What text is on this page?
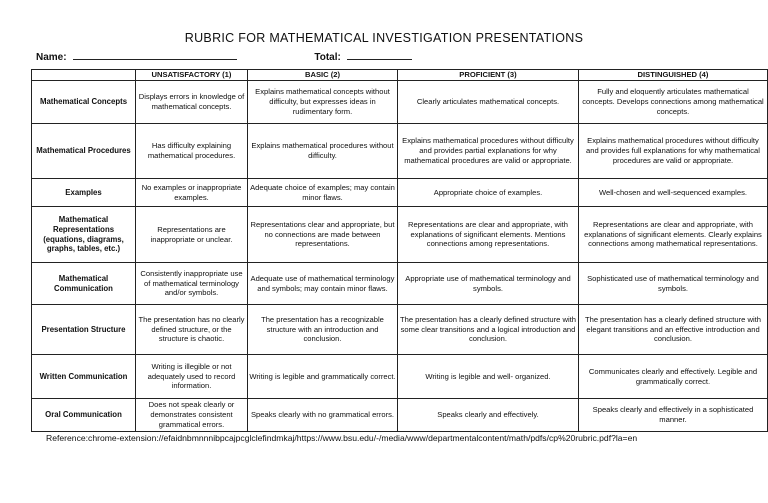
RUBRIC FOR MATHEMATICAL INVESTIGATION PRESENTATIONS
Name:	Total:
	UNSATISFACTORY (1)	BASIC (2)	PROFICIENT (3)	DISTINGUISHED (4)
Mathematical Concepts	Displays errors in knowledge of mathematical concepts.	Explains mathematical concepts without difficulty, but expresses ideas in rudimentary form.	Clearly articulates mathematical concepts.	Fully and eloquently articulates mathematical concepts. Develops connections among mathematical concepts.
Mathematical Procedures	Has difficulty explaining mathematical procedures.	Explains mathematical procedures without difficulty.	Explains mathematical procedures without difficulty and provides partial explanations for why mathematical procedures are valid or appropriate.	Explains mathematical procedures without difficulty and provides full explanations for why mathematical procedures are valid or appropriate.
Examples	No examples or inappropriate examples.	Adequate choice of examples; may contain minor flaws.	Appropriate choice of examples.	Well-chosen and well-sequenced examples.
Mathematical Representations (equations, diagrams, graphs, tables, etc.)	Representations are inappropriate or unclear.	Representations clear and appropriate, but no connections are made between representations.	Representations are clear and appropriate, with explanations of significant elements. Mentions connections among representations.	Representations are clear and appropriate, with explanations of significant elements. Clearly explains connections among mathematical representations.
Mathematical Communication	Consistently inappropriate use of mathematical terminology and/or symbols.	Adequate use of mathematical terminology and symbols; may contain minor flaws.	Appropriate use of mathematical terminology and symbols.	Sophisticated use of mathematical terminology and symbols.
Presentation Structure	The presentation has no clearly defined structure, or the structure is chaotic.	The presentation has a recognizable structure with an introduction and conclusion.	The presentation has a clearly defined structure with some clear transitions and a logical introduction and conclusion.	The presentation has a clearly defined structure with elegant transitions and an effective introduction and conclusion.
Written Communication	Writing is illegible or not adequately used to record information.	Writing is legible and grammatically correct.	Writing is legible and well- organized.	Communicates clearly and effectively. Legible and grammatically correct.
Oral Communication	Does not speak clearly or demonstrates consistent grammatical errors.	Speaks clearly with no grammatical errors.	Speaks clearly and effectively.	Speaks clearly and effectively in a sophisticated manner.
Reference:chrome-extension://efaidnbmnnnibpcajpcglclefindmkaj/https://www.bsu.edu/-/media/www/departmentalcontent/math/pdfs/cp%20rubric.pdf?la=en
